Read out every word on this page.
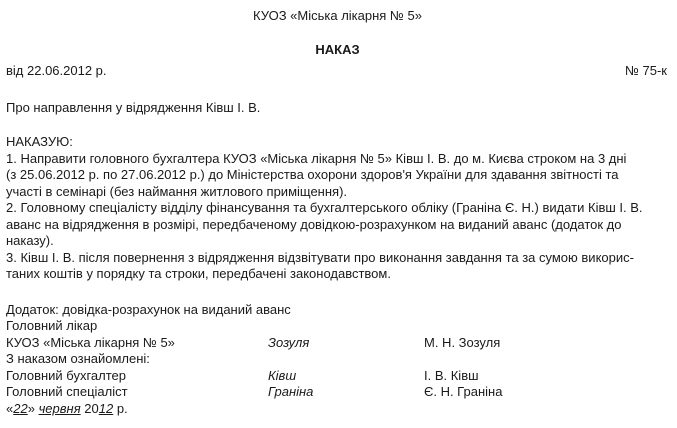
КУОЗ «Міська лікарня № 5»
НАКАЗ
від 22.06.2012 р.	№ 75-к
Про направлення у відрядження Ківш І. В.
НАКАЗУЮ:
1. Направити головного бухгалтера КУОЗ «Міська лікарня № 5» Ківш І. В. до м. Києва строком на 3 дні
(з 25.06.2012 р. по 27.06.2012 р.) до Міністерства охорони здоров'я України для здавання звітності та
участі в семінарі (без наймання житлового приміщення).
2. Головному спеціалісту відділу фінансування та бухгалтерського обліку (Граніна Є. Н.) видати Ківш І. В.
аванс на відрядження в розмірі, передбаченому довідкою-розрахунком на виданий аванс (додаток до
наказу).
3. Ківш І. В. після повернення з відрядження відзвітувати про виконання завдання та за сумою викорис-
таних коштів у порядку та строки, передбачені законодавством.
Додаток: довідка-розрахунок на виданий аванс
Головний лікар
КУОЗ «Міська лікарня № 5»	Зозуля	М. Н. Зозуля
З наказом ознайомлені:
Головний бухгалтер	Ківш	І. В. Ківш
Головний спеціаліст	Граніна	Є. Н. Граніна
«22» червня 2012 р.
